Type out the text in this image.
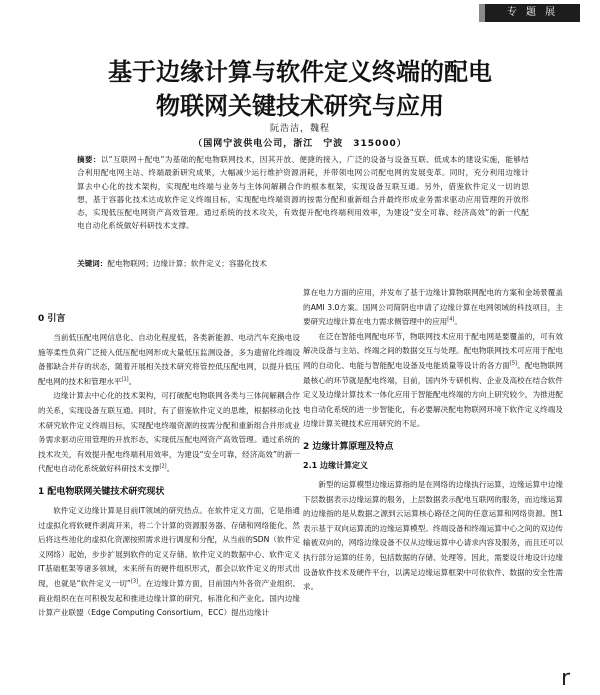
专 题 展
基于边缘计算与软件定义终端的配电
物联网关键技术研究与应用
阮浩洁，魏程
（国网宁波供电公司，浙江　宁波　315000）
摘要：以“互联网＋配电”为基础的配电物联网技术，因其开放、便捷的接入，广泛的设备与设备互联、低成本的建设实施，能够结合利用配电网主站、终端最新研究成果，大幅减少运行维护资源消耗，并带领电网公司配电网的发展变革。同时，充分利用边缘计算去中心化的技术架构，实现配电终端与业务与主体间解耦合作的根本框架，实现设备互联互通。另外，借鉴软件定义一切的思想，基于容器化技术达成软件定义终端目标，实现配电终端资源的按需分配和重新组合并最终形成业务需求驱动应用管理的开放形态，实现低压配电网资产高效管理。通过系统的技术攻关，有效提升配电终端利用效率，为建设“安全可靠、经济高效”的新一代配电自动化系统做好科研技术支撑。
关键词：配电物联网；边缘计算；软件定义；容器化技术
0 引言

当前低压配电网信息化、自动化程度低，各类新能源、电动汽车充换电设施等柔性负荷广泛接入低压配电网形成大量低压监测设备，多为遗留化终端设备都缺合并存的状态，随着开展相关技术研究将管控低压配电网，以提升低压配电网的技术和管理水平[1]。

边缘计算去中心化的技术架构，可打破配电物联网各类与三体间解耦合作的关系，实现设备互联互通。同时，有了借鉴软件定义的思维，根据移动化技术研究软件定义终端目标，实现配电终端资源的按需分配和重新组合并形成业务需求驱动应用管理的开放形态，实现低压配电网资产高效管理。通过系统的技术攻关，有效提升配电终端利用效率，为建设“安全可靠，经济高效”的新一代配电自动化系统做好科研技术支撑[2]。

1 配电物联网关键技术研究现状

软件定义边缘计算是目前IT领域的研究热点。在软件定义方面，它是指通过虚拟化将软硬件剥离开来，将二个计算的资源服务器、存储和网络能化，然后将这些池化的虚拟化资源按照需求进行调度和分配，从当前的SDN（软件定义网络）起始，步步扩展到软件的定义存储、软件定义的数据中心、软件定义IT基础框架等诸多领域，未来所有的硬件组织形式，都会以软件定义的形式出现，也就是“软件定义一切”[3]。在边缘计算方面，目前国内外各资产业组织、商业组织在在可积极发起和推进边缘计算的研究、标准化和产业化。国内边缘计算产业联盟（Edge Computing Consortium，ECC）提出边缘计

算在电力方面的应用，并发布了基于边缘计算物联网配电的方案和金场景覆盖的AMI 3.0方案。国网公司简阴也申请了边缘计算在电网领域的科技项目，主要研究边缘计算在电力需求侧管理中的应用[4]。

在泛在智能电网配电环节，物联网技术应用于配电网是要覆盖的，可有效解决设备与主站、终端之间的数据交互与处理。配电物联网技术可应用于配电网的自动化、电能与智能配电设备及电能质量等设计的各方面[5]。配电物联网最核心的环节就是配电终端，目前，国内外专研机构、企业及高校在结合软件定义及边缘计算技术一体化应用于智能配电终端的方向上研究较少，为推进配电自动化系统的进一步智能化，有必要解决配电物联网环境下软件定义终端及边缘计算关键技术应用研究的不足。

2 边缘计算原理及特点
2.1 边缘计算定义

新型的运算模型边缘运算指的是在网络的边缘执行运算，边缘运算中边缘下层数据表示边缘运算的服务，上层数据表示配电互联网的服务，而边缘运算的边缘指的是从数据之源到云运算核心路径之间的任意运算和网络资源。图1表示基于双向运算流的边缘运算模型。终端设备和终端运算中心之间的双边传输被双向的，网络边缘设备不仅从边缘运算中心请求内容及服务，而且还可以执行部分运算的任务，包括数据的存储、处理等。因此，需要设计地设计边缘设备软件技术及硬件平台，以满足边缘运算框架中可依软件、数据的安全性需求。

r
